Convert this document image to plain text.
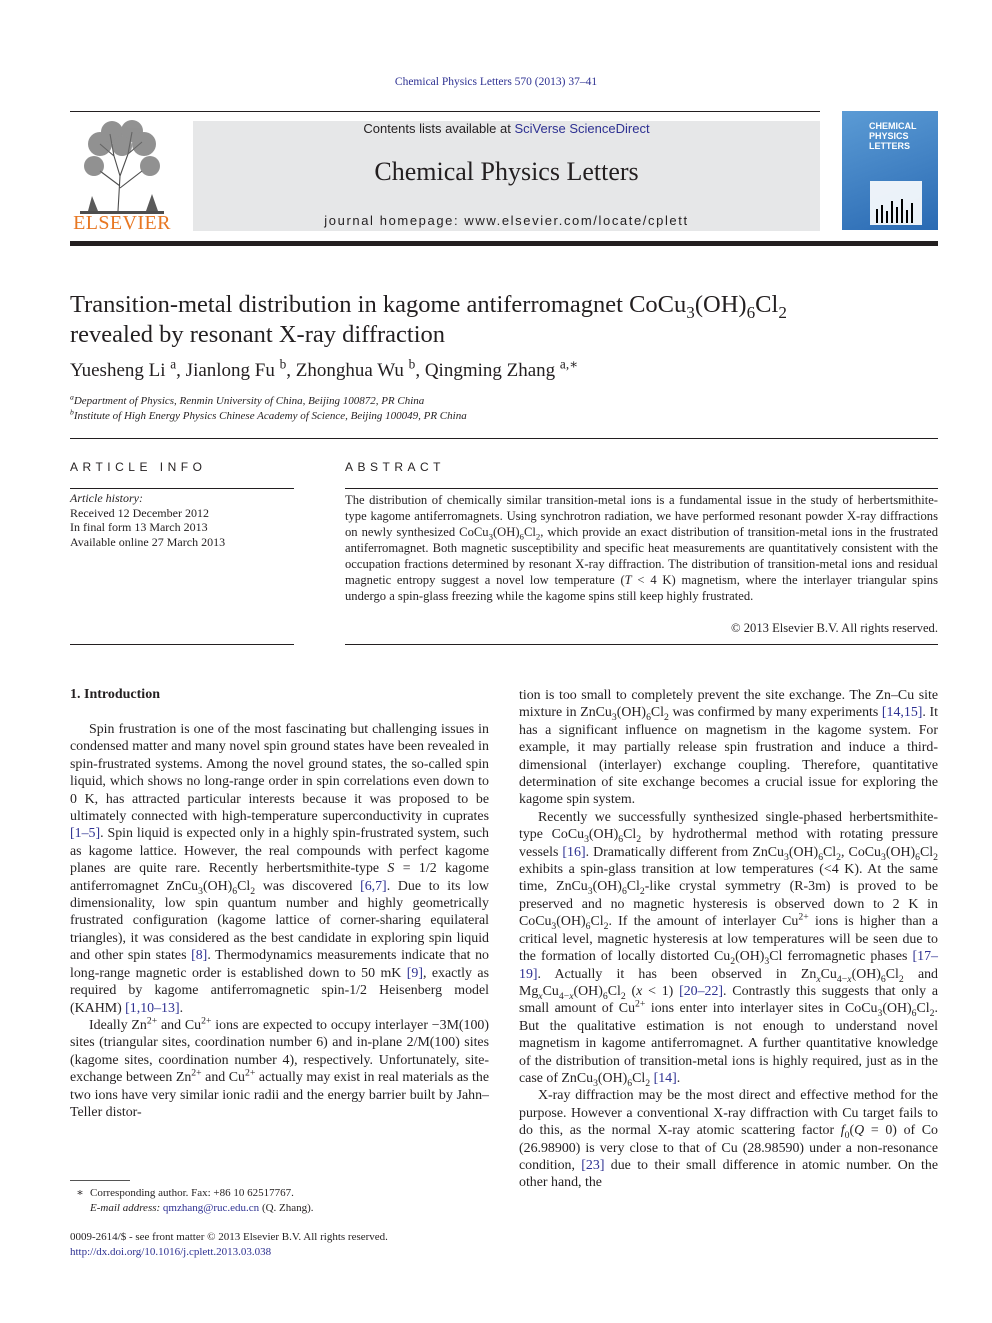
Chemical Physics Letters 570 (2013) 37–41
ELSEVIER
Contents lists available at SciVerse ScienceDirect
Chemical Physics Letters
journal homepage: www.elsevier.com/locate/cplett
CHEMICAL PHYSICS LETTERS
Transition-metal distribution in kagome antiferromagnet $CoCu_3(OH)_6Cl_2$
revealed by resonant X-ray diffraction
Yuesheng Li $^a$, Jianlong Fu $^b$, Zhonghua Wu $^b$, Qingming Zhang $^{a,∗}$
$^a$Department of Physics, Renmin University of China, Beijing 100872, PR China
$^b$Institute of High Energy Physics Chinese Academy of Science, Beijing 100049, PR China
ARTICLE INFO
Article history:
Received 12 December 2012
In final form 13 March 2013
Available online 27 March 2013
ABSTRACT
The distribution of chemically similar transition-metal ions is a fundamental issue in the study of herbertsmithite-type kagome antiferromagnets. Using synchrotron radiation, we have performed resonant powder X-ray diffractions on newly synthesized $CoCu_3(OH)_6Cl_2$, which provide an exact distribution of transition-metal ions in the frustrated antiferromagnet. Both magnetic susceptibility and specific heat measurements are quantitatively consistent with the occupation fractions determined by resonant X-ray diffraction. The distribution of transition-metal ions and residual magnetic entropy suggest a novel low temperature (T < 4 K) magnetism, where the interlayer triangular spins undergo a spin-glass freezing while the kagome spins still keep highly frustrated.
© 2013 Elsevier B.V. All rights reserved.
1. Introduction

Spin frustration is one of the most fascinating but challenging issues in condensed matter and many novel spin ground states have been revealed in spin-frustrated systems. Among the novel ground states, the so-called spin liquid, which shows no long-range order in spin correlations even down to 0 K, has attracted particular interests because it was proposed to be ultimately connected with high-temperature superconductivity in cuprates [1–5]. Spin liquid is expected only in a highly spin-frustrated system, such as kagome lattice. However, the real compounds with perfect kagome planes are quite rare. Recently herbertsmithite-type S = 1/2 kagome antiferromagnet $ZnCu_3(OH)_6Cl_2$ was discovered [6,7]. Due to its low dimensionality, low spin quantum number and highly geometrically frustrated configuration (kagome lattice of corner-sharing equilateral triangles), it was considered as the best candidate in exploring spin liquid and other spin states [8]. Thermodynamics measurements indicate that no long-range magnetic order is established down to 50 mK [9], exactly as required by kagome antiferromagnetic spin-1/2 Heisenberg model (KAHM) [1,10–13].

Ideally $Zn^{2+}$ and $Cu^{2+}$ ions are expected to occupy interlayer −3M(100) sites (triangular sites, coordination number 6) and in-plane 2/M(100) sites (kagome sites, coordination number 4), respectively. Unfortunately, site-exchange between $Zn^{2+}$ and $Cu^{2+}$ actually may exist in real materials as the two ions have very similar ionic radii and the energy barrier built by Jahn–Teller distor-

tion is too small to completely prevent the site exchange. The Zn–Cu site mixture in $ZnCu_3(OH)_6Cl_2$ was confirmed by many experiments [14,15]. It has a significant influence on magnetism in the kagome system. For example, it may partially release spin frustration and induce a third-dimensional (interlayer) exchange coupling. Therefore, quantitative determination of site exchange becomes a crucial issue for exploring the kagome spin system.

Recently we successfully synthesized single-phased herbertsmithite-type $CoCu_3(OH)_6Cl_2$ by hydrothermal method with rotating pressure vessels [16]. Dramatically different from $ZnCu_3(OH)_6Cl_2$, $CoCu_3(OH)_6Cl_2$ exhibits a spin-glass transition at low temperatures (<4 K). At the same time, $ZnCu_3(OH)_6Cl_2$-like crystal symmetry (R-3m) is proved to be preserved and no magnetic hysteresis is observed down to 2 K in $CoCu_3(OH)_6Cl_2$. If the amount of interlayer $Cu^{2+}$ ions is higher than a critical level, magnetic hysteresis at low temperatures will be seen due to the formation of locally distorted $Cu_2(OH)_3Cl$ ferromagnetic phases [17–19]. Actually it has been observed in $Zn_xCu_{4-x}(OH)_6Cl_2$ and $Mg_xCu_{4-x}(OH)_6Cl_2$ (x < 1) [20–22]. Contrastly this suggests that only a small amount of $Cu^{2+}$ ions enter into interlayer sites in $CoCu_3(OH)_6Cl_2$. But the qualitative estimation is not enough to understand novel magnetism in kagome antiferromagnet. A further quantitative knowledge of the distribution of transition-metal ions is highly required, just as in the case of $ZnCu_3(OH)_6Cl_2$ [14].

X-ray diffraction may be the most direct and effective method for the purpose. However a conventional X-ray diffraction with Cu target fails to do this, as the normal X-ray atomic scattering factor $f_0(Q = 0)$ of Co (26.98900) is very close to that of Cu (28.98590) under a non-resonance condition, [23] due to their small difference in atomic number. On the other hand, the

∗ Corresponding author. Fax: +86 10 62517767.
E-mail address: qmzhang@ruc.edu.cn (Q. Zhang).
0009-2614/$ - see front matter © 2013 Elsevier B.V. All rights reserved.
http://dx.doi.org/10.1016/j.cplett.2013.03.038
